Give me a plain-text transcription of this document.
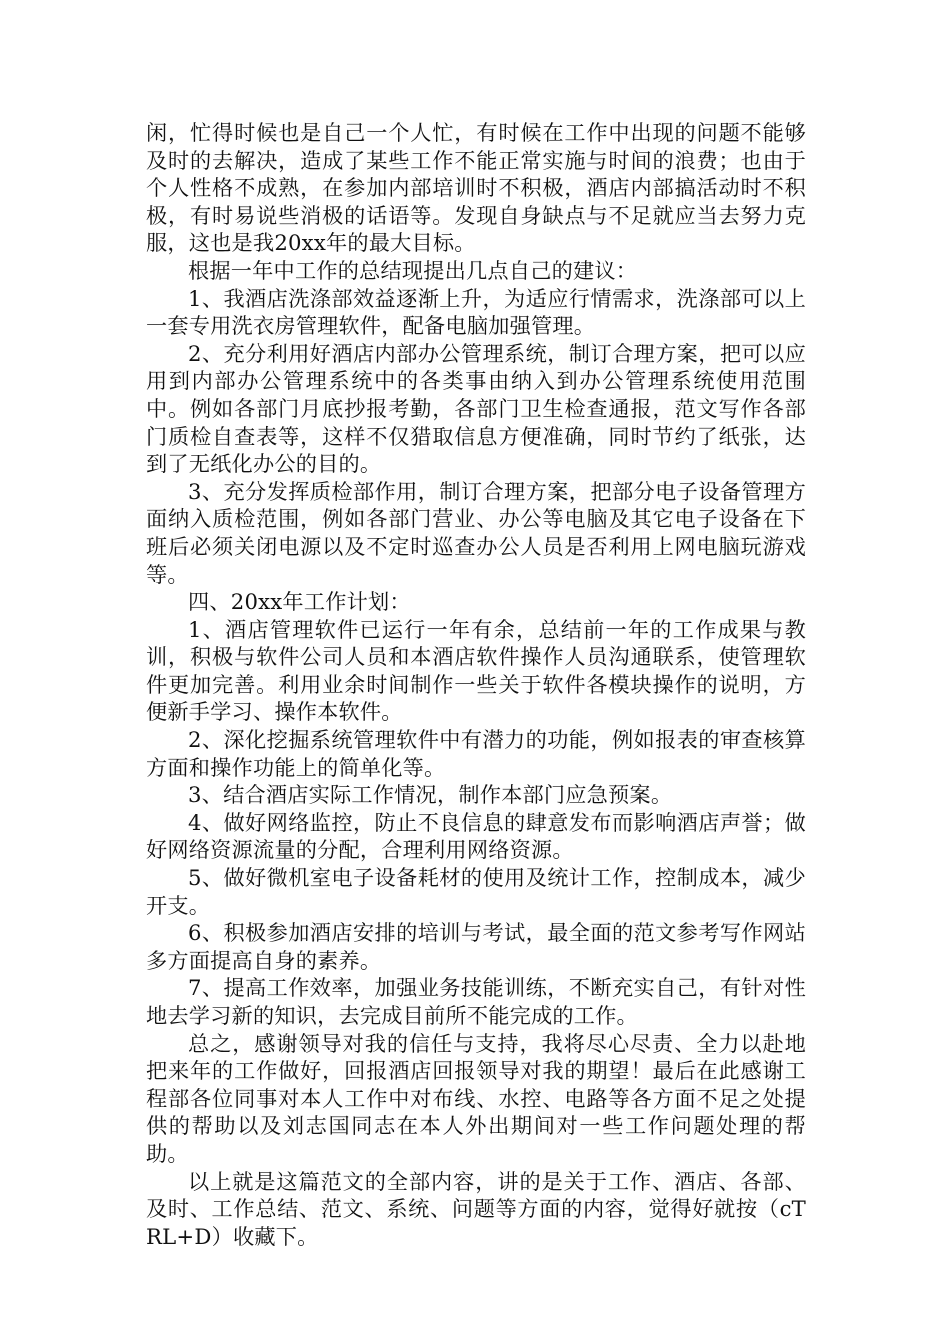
闲，忙得时候也是自己一个人忙，有时候在工作中出现的问题不能够及时的去解决，造成了某些工作不能正常实施与时间的浪费；也由于个人性格不成熟，在参加内部培训时不积极，酒店内部搞活动时不积极，有时易说些消极的话语等。发现自身缺点与不足就应当去努力克服，这也是我20xx年的最大目标。

根据一年中工作的总结现提出几点自己的建议：

1、我酒店洗涤部效益逐渐上升，为适应行情需求，洗涤部可以上一套专用洗衣房管理软件，配备电脑加强管理。

2、充分利用好酒店内部办公管理系统，制订合理方案，把可以应用到内部办公管理系统中的各类事由纳入到办公管理系统使用范围中。例如各部门月底抄报考勤，各部门卫生检查通报，范文写作各部门质检自查表等，这样不仅猎取信息方便准确，同时节约了纸张，达到了无纸化办公的目的。

3、充分发挥质检部作用，制订合理方案，把部分电子设备管理方面纳入质检范围，例如各部门营业、办公等电脑及其它电子设备在下班后必须关闭电源以及不定时巡查办公人员是否利用上网电脑玩游戏等。

四、20xx年工作计划：

1、酒店管理软件已运行一年有余，总结前一年的工作成果与教训，积极与软件公司人员和本酒店软件操作人员沟通联系，使管理软件更加完善。利用业余时间制作一些关于软件各模块操作的说明，方便新手学习、操作本软件。

2、深化挖掘系统管理软件中有潜力的功能，例如报表的审查核算方面和操作功能上的简单化等。

3、结合酒店实际工作情况，制作本部门应急预案。

4、做好网络监控，防止不良信息的肆意发布而影响酒店声誉；做好网络资源流量的分配，合理利用网络资源。

5、做好微机室电子设备耗材的使用及统计工作，控制成本，减少开支。

6、积极参加酒店安排的培训与考试，最全面的范文参考写作网站多方面提高自身的素养。

7、提高工作效率，加强业务技能训练，不断充实自己，有针对性地去学习新的知识，去完成目前所不能完成的工作。

总之，感谢领导对我的信任与支持，我将尽心尽责、全力以赴地把来年的工作做好，回报酒店回报领导对我的期望！最后在此感谢工程部各位同事对本人工作中对布线、水控、电路等各方面不足之处提供的帮助以及刘志国同志在本人外出期间对一些工作问题处理的帮助。

以上就是这篇范文的全部内容，讲的是关于工作、酒店、各部、及时、工作总结、范文、系统、问题等方面的内容，觉得好就按（cTRL+D）收藏下。
